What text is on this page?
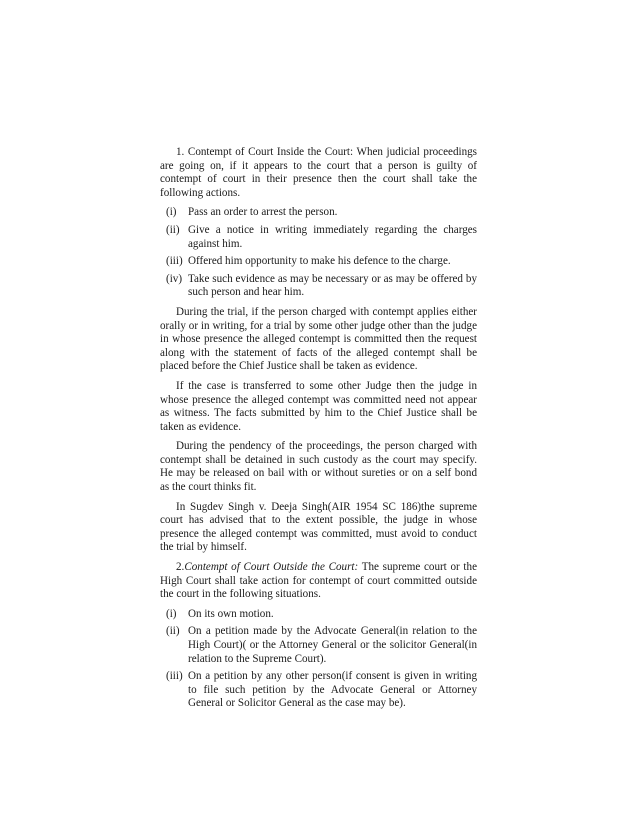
1. Contempt of Court Inside the Court: When judicial proceedings are going on, if it appears to the court that a person is guilty of contempt of court in their presence then the court shall take the following actions.

(i)	Pass an order to arrest the person.
(ii) Give a notice in writing immediately regarding the charges against him.
(iii) Offered him opportunity to make his defence to the charge.
(iv) Take such evidence as may be necessary or as may be offered by such person and hear him.

During the trial, if the person charged with contempt applies either orally or in writing, for a trial by some other judge other than the judge in whose presence the alleged contempt is committed then the request along with the statement of facts of the alleged contempt shall be placed before the Chief Justice shall be taken as evidence.

If the case is transferred to some other Judge then the judge in whose presence the alleged contempt was committed need not appear as witness. The facts submitted by him to the Chief Justice shall be taken as evidence.

During the pendency of the proceedings, the person charged with contempt shall be detained in such custody as the court may specify. He may be released on bail with or without sureties or on a self bond as the court thinks fit.

In Sugdev Singh v. Deeja Singh(AIR 1954 SC 186)the supreme court has advised that to the extent possible, the judge in whose presence the alleged contempt was committed, must avoid to conduct the trial by himself.

2.Contempt of Court Outside the Court: The supreme court or the High Court shall take action for contempt of court committed outside the court in the following situations.

(i)	On its own motion.
(ii) On a petition made by the Advocate General(in relation to the High Court)( or the Attorney General or the solicitor General(in relation to the Supreme Court).
(iii) On a petition by any other person(if consent is given in writing to file such petition by the Advocate General or Attorney General or Solicitor General as the case may be).
